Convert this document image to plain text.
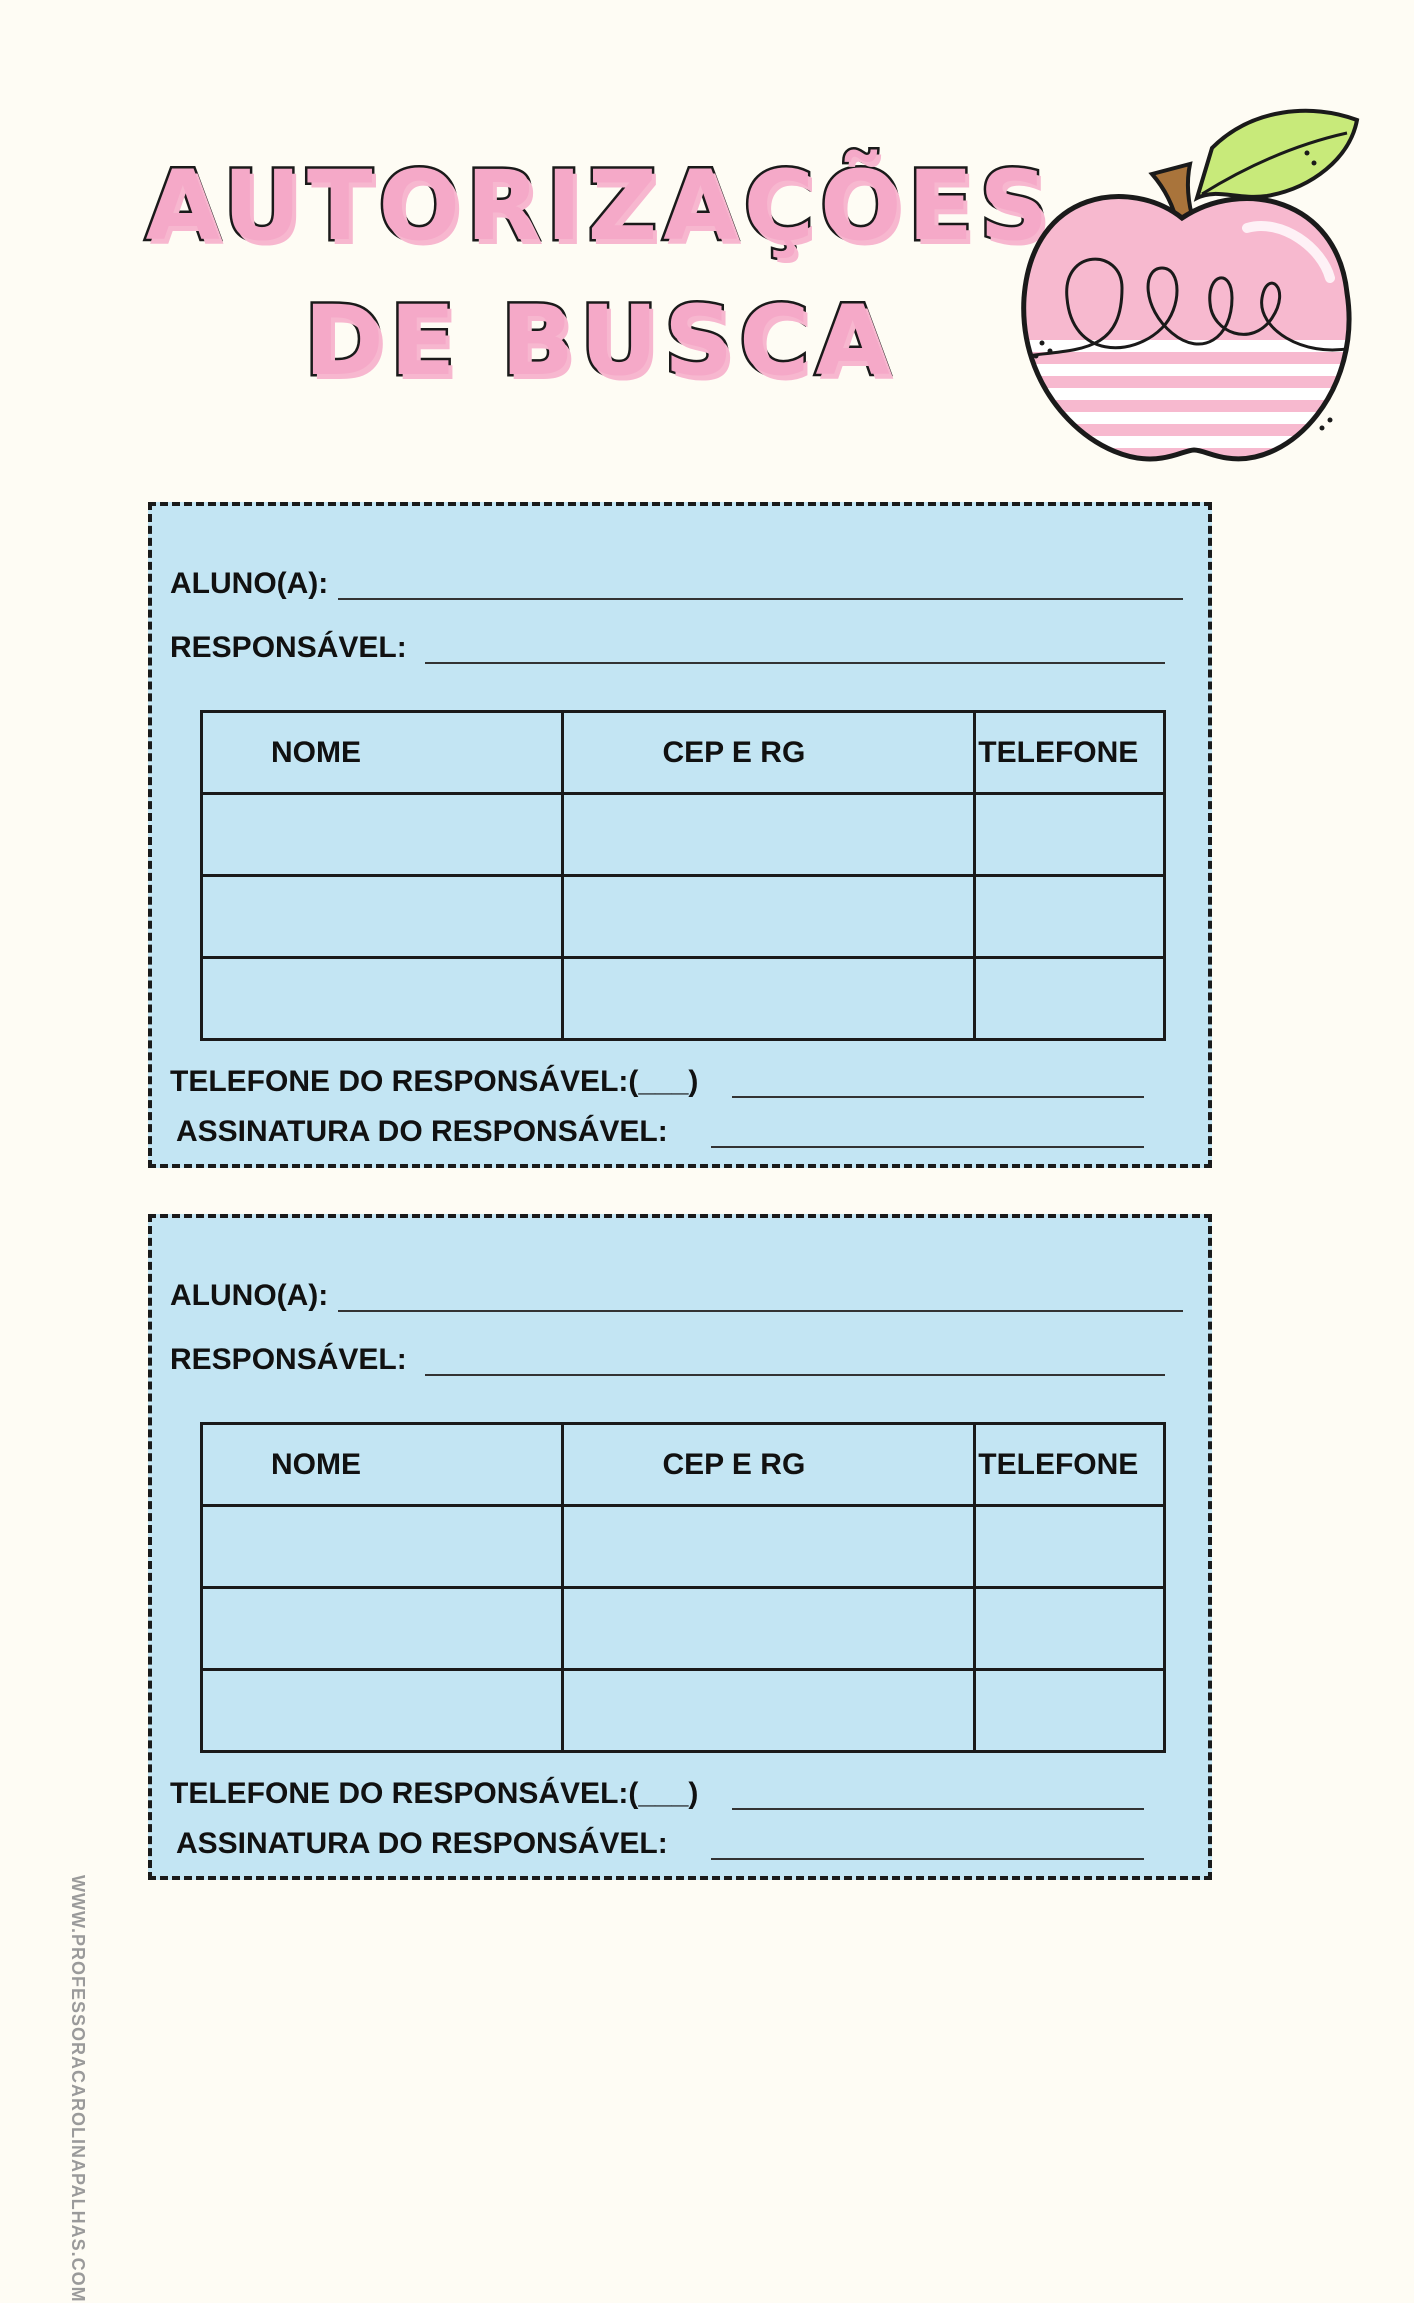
AUTORIZAÇÕES
DE BUSCA
ALUNO(A):
RESPONSÁVEL:
NOME	CEP E RG	TELEFONE

TELEFONE DO RESPONSÁVEL:(___)
ASSINATURA DO RESPONSÁVEL:
ALUNO(A):
RESPONSÁVEL:
NOME	CEP E RG	TELEFONE

TELEFONE DO RESPONSÁVEL:(___)
ASSINATURA DO RESPONSÁVEL:
WWW.PROFESSORACAROLINAPALHAS.COM
